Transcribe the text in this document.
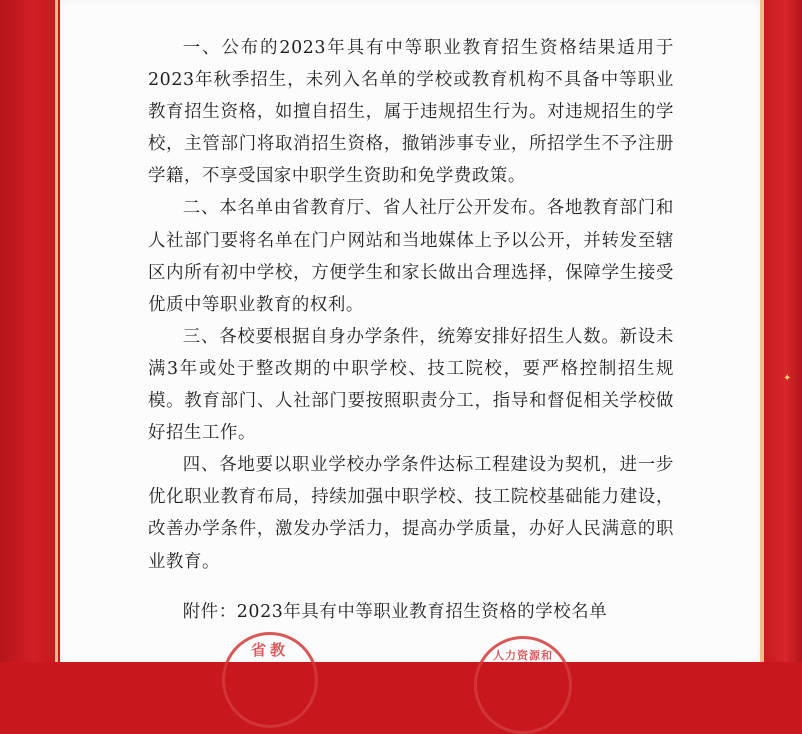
一、公布的2023年具有中等职业教育招生资格结果适用于2023年秋季招生，未列入名单的学校或教育机构不具备中等职业教育招生资格，如擅自招生，属于违规招生行为。对违规招生的学校，主管部门将取消招生资格，撤销涉事专业，所招学生不予注册学籍，不享受国家中职学生资助和免学费政策。

二、本名单由省教育厅、省人社厅公开发布。各地教育部门和人社部门要将名单在门户网站和当地媒体上予以公开，并转发至辖区内所有初中学校，方便学生和家长做出合理选择，保障学生接受优质中等职业教育的权利。

三、各校要根据自身办学条件，统筹安排好招生人数。新设未满3年或处于整改期的中职学校、技工院校，要严格控制招生规模。教育部门、人社部门要按照职责分工，指导和督促相关学校做好招生工作。

四、各地要以职业学校办学条件达标工程建设为契机，进一步优化职业教育布局，持续加强中职学校、技工院校基础能力建设，改善办学条件，激发办学活力，提高办学质量，办好人民满意的职业教育。

附件：2023年具有中等职业教育招生资格的学校名单

省教	人力资源和
✦
